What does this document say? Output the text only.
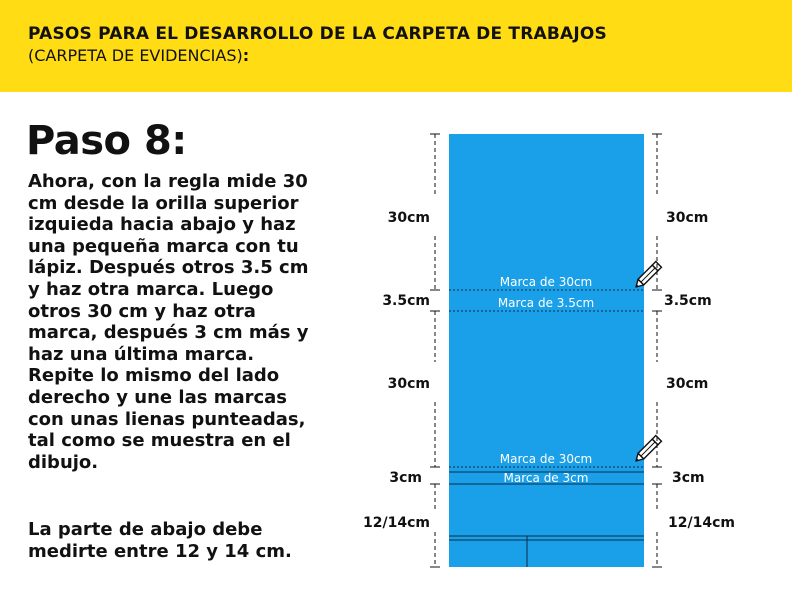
PASOS PARA EL DESARROLLO DE LA CARPETA DE TRABAJOS
(CARPETA DE EVIDENCIAS):
Paso 8:

Ahora, con la regla mide 30 cm desde la orilla superior izquieda hacia abajo y haz una pequeña marca con tu lápiz. Después otros 3.5 cm y haz otra marca. Luego otros 30 cm y haz otra marca, después 3 cm más y haz una última marca. Repite lo mismo del lado derecho y une las marcas con unas lienas punteadas, tal como se muestra en el dibujo.

La parte de abajo debe medirte entre 12 y 14 cm.

Marca de 30cm
Marca de 3.5cm
Marca de 30cm
Marca de 3cm
30cm
3.5cm
30cm
3cm
12/14cm
30cm
3.5cm
30cm
3cm
12/14cm
